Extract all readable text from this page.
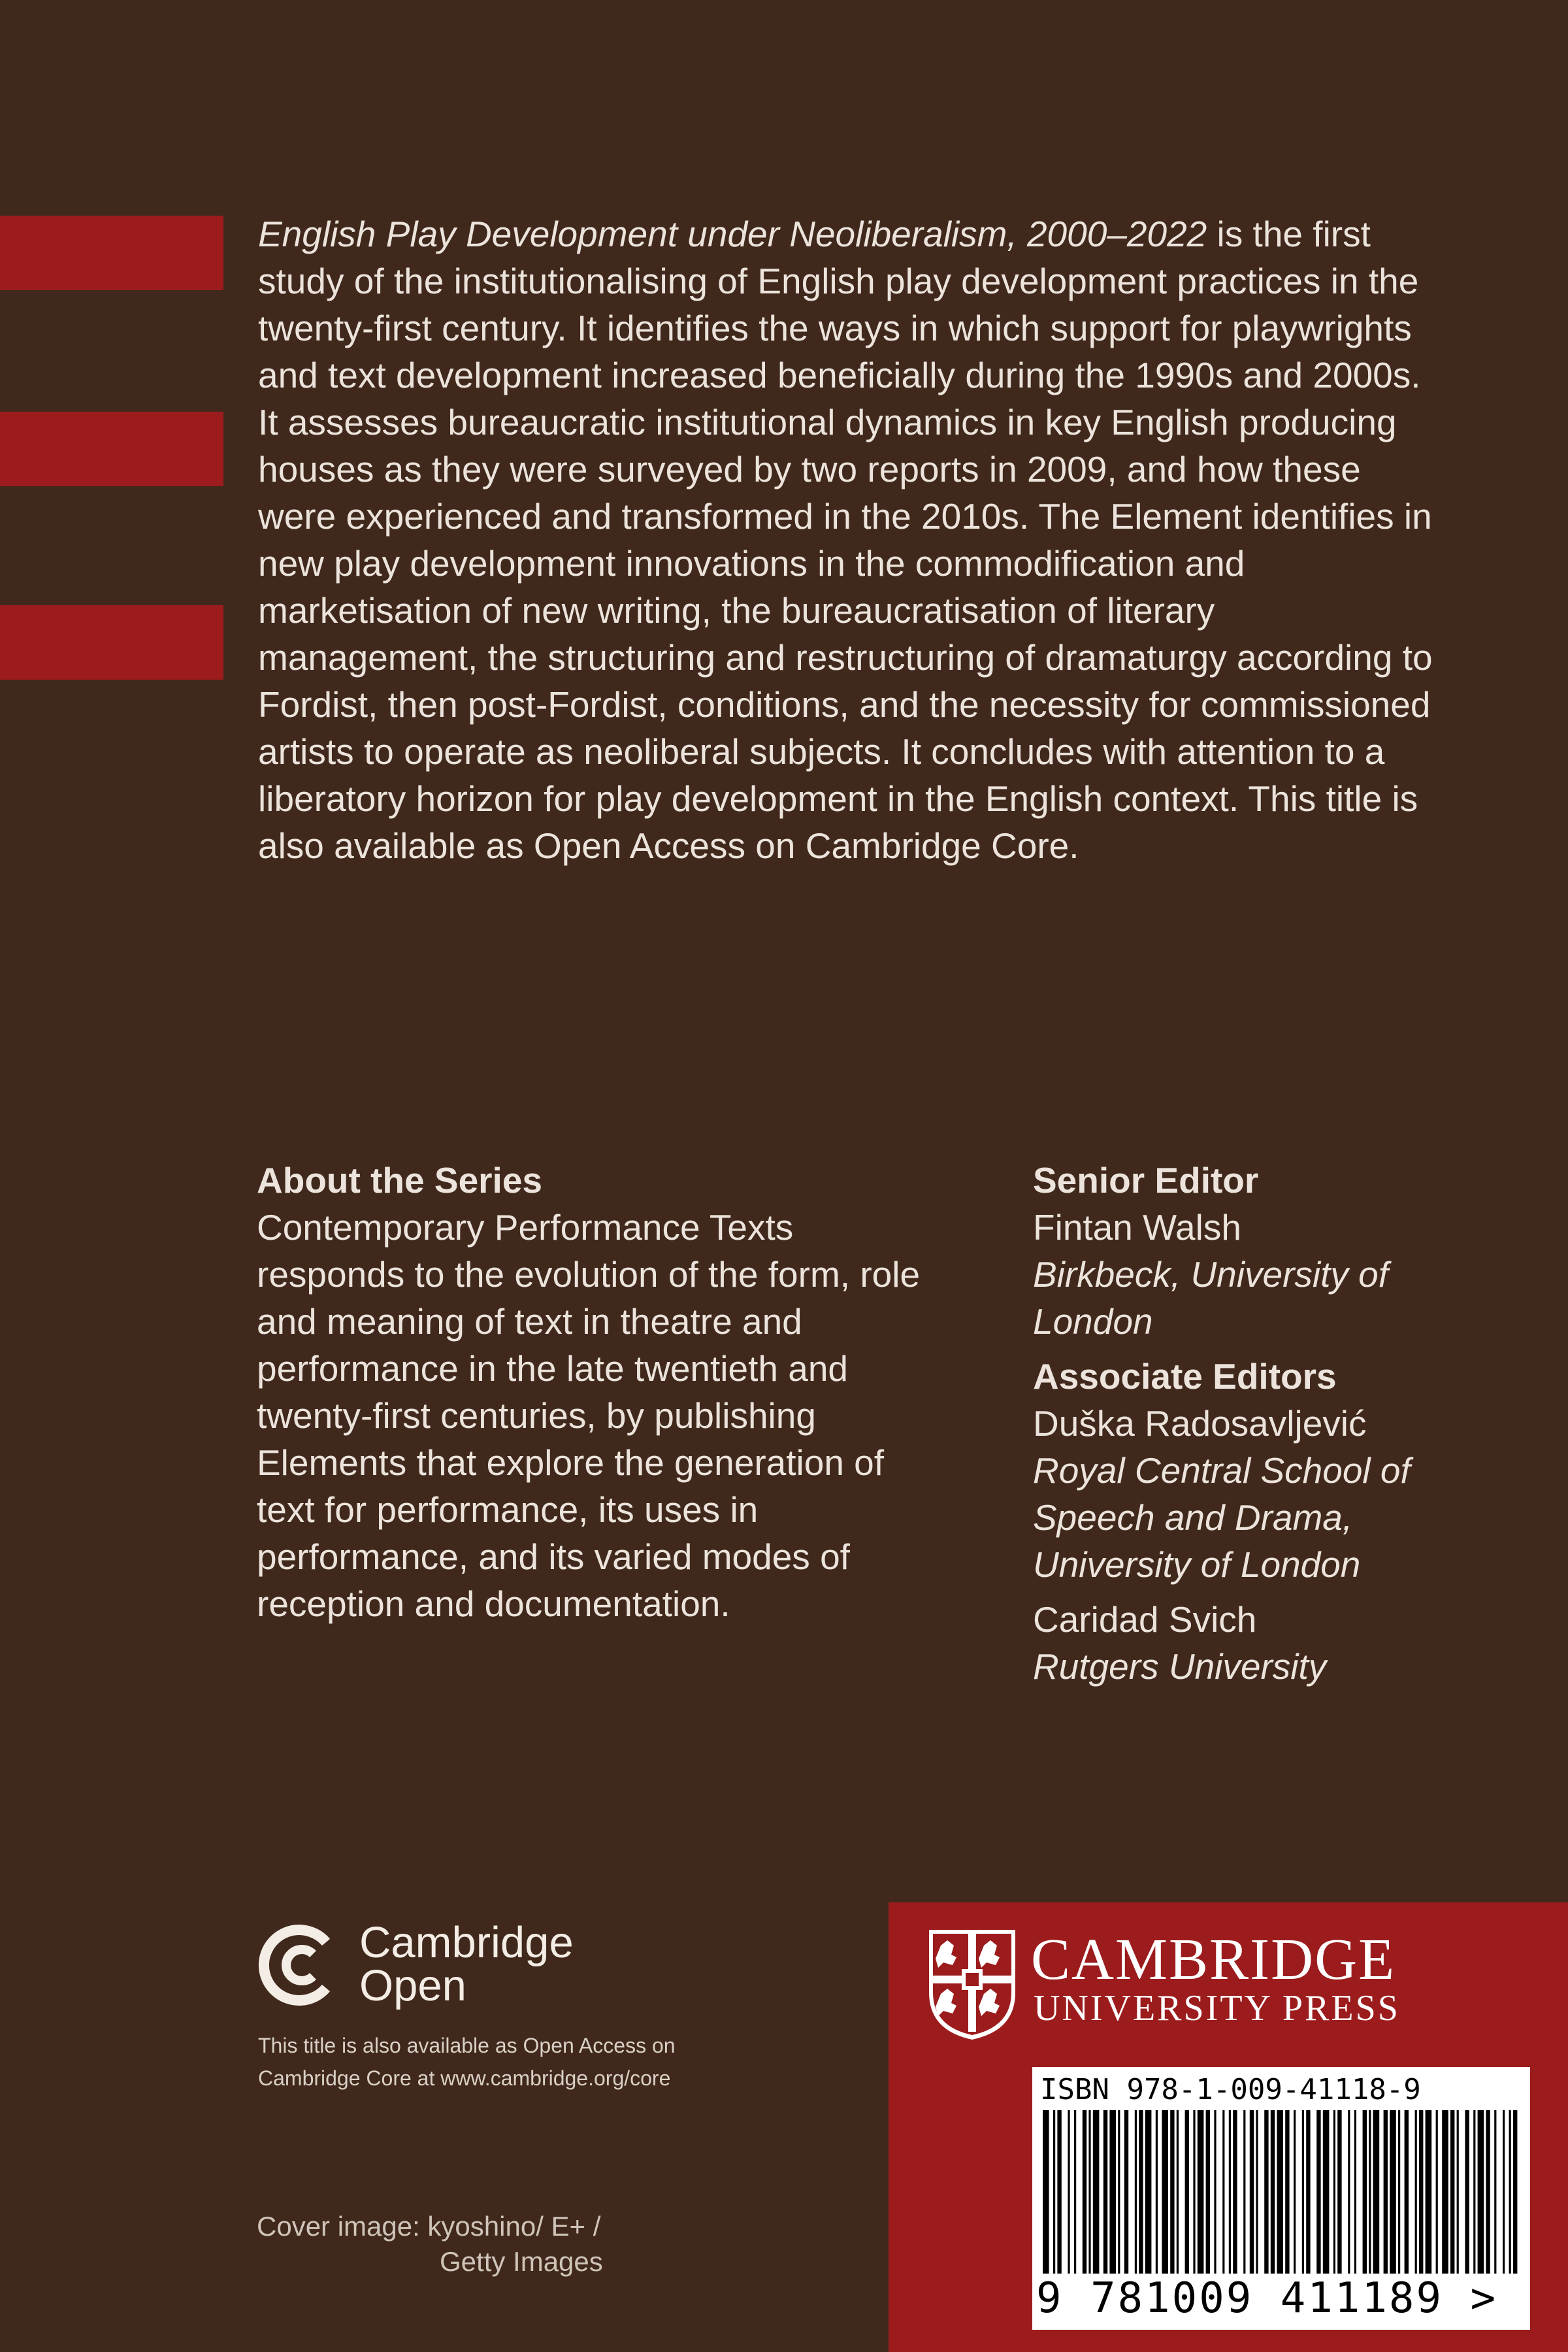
English Play Development under Neoliberalism, 2000–2022 is the first study of the institutionalising of English play development practices in the twenty-first century. It identifies the ways in which support for playwrights and text development increased beneficially during the 1990s and 2000s. It assesses bureaucratic institutional dynamics in key English producing houses as they were surveyed by two reports in 2009, and how these were experienced and transformed in the 2010s. The Element identifies in new play development innovations in the commodification and marketisation of new writing, the bureaucratisation of literary management, the structuring and restructuring of dramaturgy according to Fordist, then post-Fordist, conditions, and the necessity for commissioned artists to operate as neoliberal subjects. It concludes with attention to a liberatory horizon for play development in the English context. This title is also available as Open Access on Cambridge Core.
About the Series
Contemporary Performance Texts responds to the evolution of the form, role and meaning of text in theatre and performance in the late twentieth and twenty-first centuries, by publishing Elements that explore the generation of text for performance, its uses in performance, and its varied modes of reception and documentation.
Senior Editor
Fintan Walsh
Birkbeck, University of London
Associate Editors
Duška Radosavljević
Royal Central School of Speech and Drama, University of London
Caridad Svich
Rutgers University
Cambridge
Open
This title is also available as Open Access on Cambridge Core at www.cambridge.org/core
Cover image: kyoshino/ E+ /
Getty Images
CAMBRIDGE
UNIVERSITY PRESS
ISBN 978-1-009-41118-9
9 781009 411189 >
